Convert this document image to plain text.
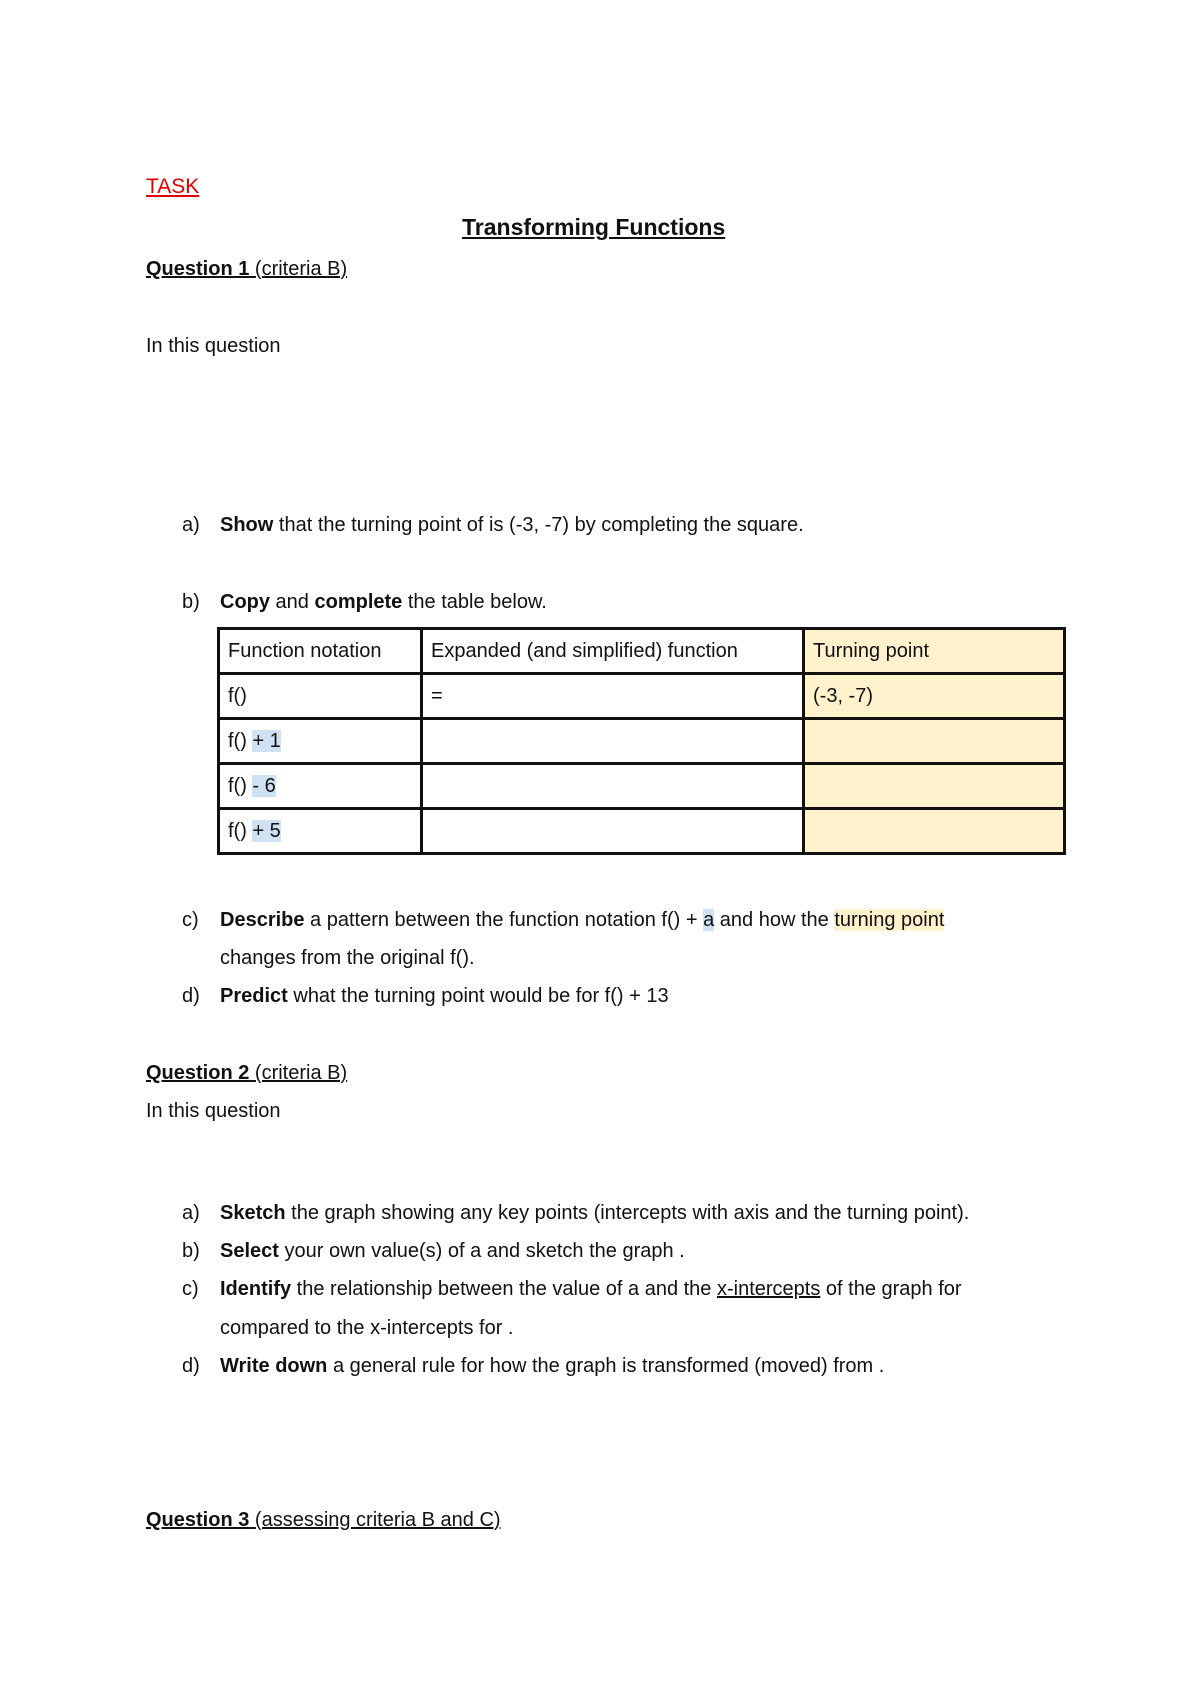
TASK
Transforming Functions
Question 1 (criteria B)
In this question
a) Show that the turning point of is (-3, -7) by completing the square.
b) Copy and complete the table below.
Function notation	Expanded (and simplified) function	Turning point
f()	=	(-3, -7)
f() + 1		
f() - 6		
f() + 5		
c) Describe a pattern between the function notation f() + a and how the turning point
changes from the original f().
d) Predict what the turning point would be for f() + 13
Question 2 (criteria B)
In this question
a) Sketch the graph showing any key points (intercepts with axis and the turning point).
b) Select your own value(s) of a and sketch the graph .
c) Identify the relationship between the value of a and the x-intercepts of the graph for
compared to the x-intercepts for .
d) Write down a general rule for how the graph is transformed (moved) from .
Question 3 (assessing criteria B and C)
